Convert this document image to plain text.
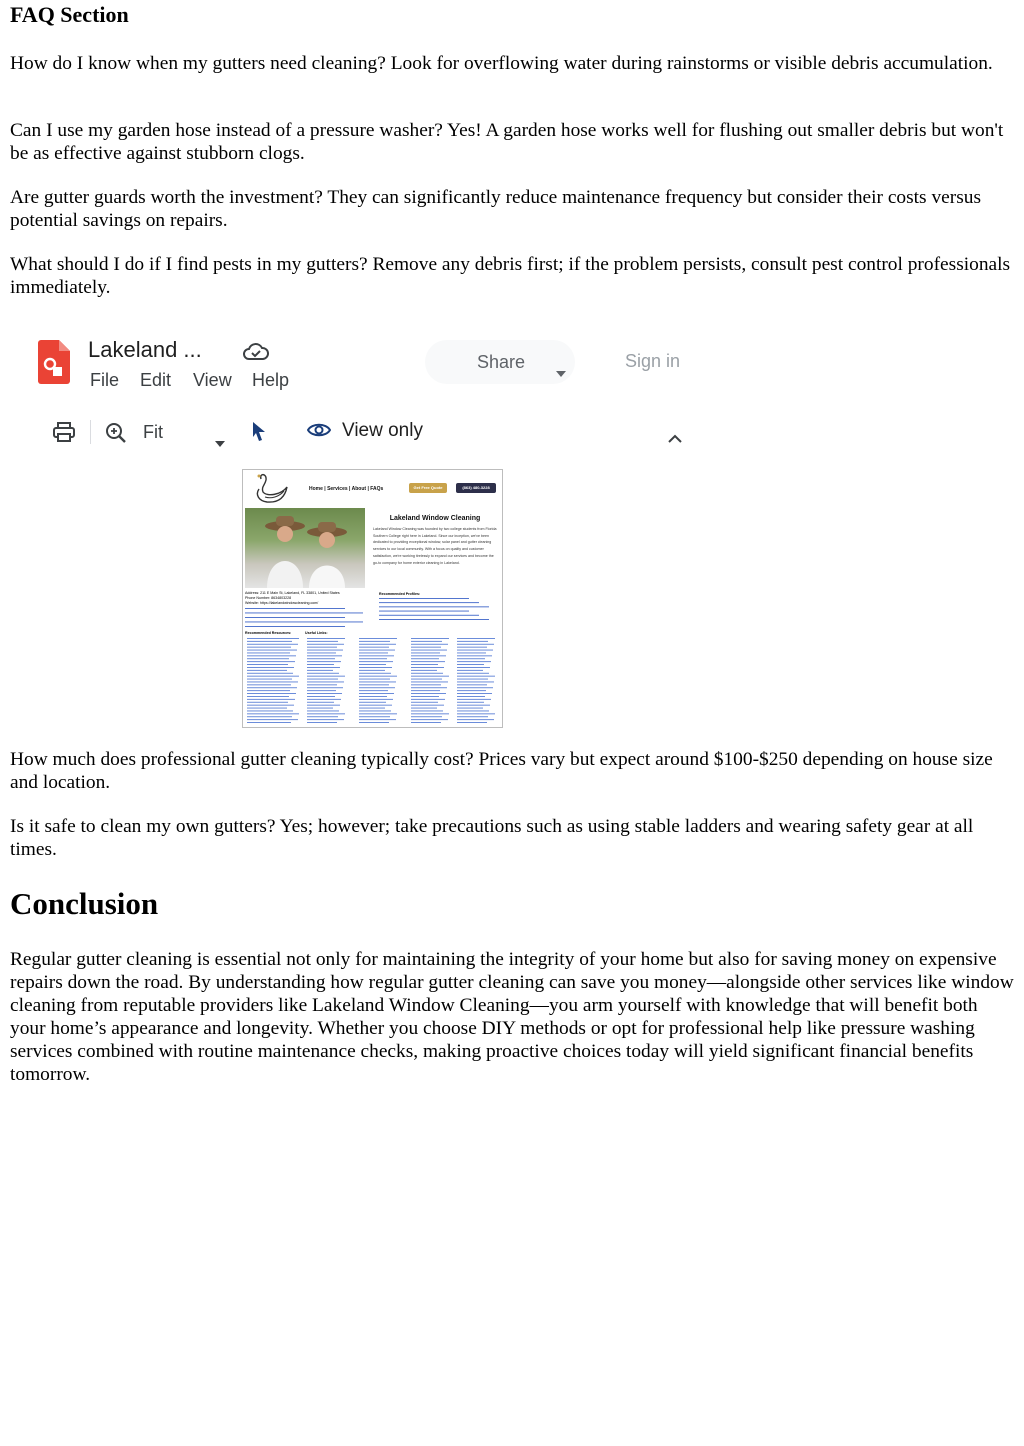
FAQ Section

How do I know when my gutters need cleaning? Look for overflowing water during rainstorms or visible debris accumulation.

Can I use my garden hose instead of a pressure washer? Yes! A garden hose works well for flushing out smaller debris but won't be as effective against stubborn clogs.

Are gutter guards worth the investment? They can significantly reduce maintenance frequency but consider their costs versus potential savings on repairs.

What should I do if I find pests in my gutters? Remove any debris first; if the problem persists, consult pest control professionals immediately.

Lakeland ...
File Edit View Help
Share	Sign in
Fit	View only
Home | Services | About | FAQs	Get Free Quote	(863) 480-3228
Lakeland Window Cleaning
Lakeland Window Cleaning was founded by two college students from Florida Southern College right here in Lakeland. Since our inception, we've been dedicated to providing exceptional window, solar panel and gutter cleaning services to our local community. With a focus on quality and customer satisfaction, we're working tirelessly to expand our services and become the go-to company for home exterior cleaning in Lakeland.
Address: 211 E Main St, Lakeland, FL 33801, United States
Phone Number: 8634803228
Website: https://lakelandwindowcleaning.com/
Recommended Profiles:
Recommended Resources:	Useful Links:

How much does professional gutter cleaning typically cost? Prices vary but expect around $100-$250 depending on house size and location.

Is it safe to clean my own gutters? Yes; however; take precautions such as using stable ladders and wearing safety gear at all times.

Conclusion

Regular gutter cleaning is essential not only for maintaining the integrity of your home but also for saving money on expensive repairs down the road. By understanding how regular gutter cleaning can save you money—alongside other services like window cleaning from reputable providers like Lakeland Window Cleaning—you arm yourself with knowledge that will benefit both your home’s appearance and longevity. Whether you choose DIY methods or opt for professional help like pressure washing services combined with routine maintenance checks, making proactive choices today will yield significant financial benefits tomorrow.
